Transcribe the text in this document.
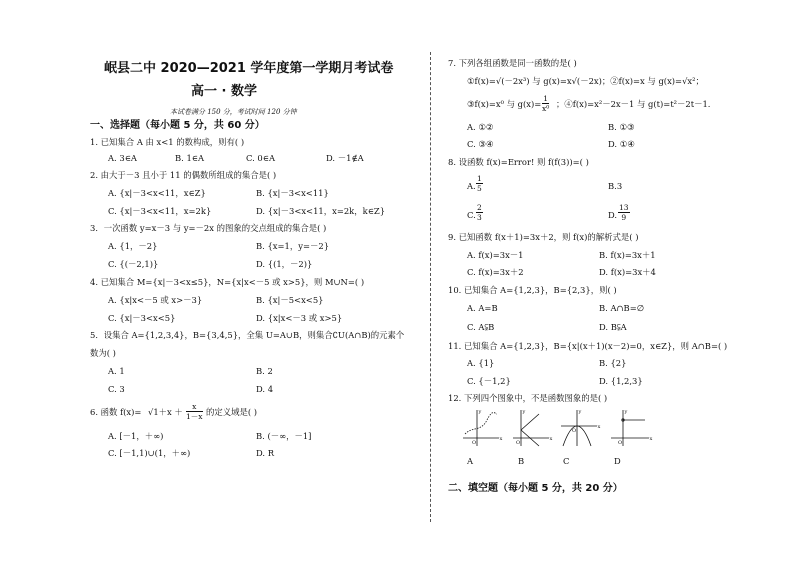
岷县二中 2020—2021 学年度第一学期月考试卷
高一 · 数学
本试卷满分 150 分，考试时间 120 分钟
一、选择题（每小题 5 分，共 60 分）
1. 已知集合 A 由 x<1 的数构成，则有( )
A. 3∈A	B. 1∈A	C. 0∈A	D. －1∉A
2. 由大于－3 且小于 11 的偶数所组成的集合是( )
A. {x|－3<x<11，x∈Z}	B. {x|－3<x<11}
C. {x|－3<x<11，x=2k}	D. {x|－3<x<11，x=2k，k∈Z}
3．一次函数 y=x－3 与 y=－2x 的图象的交点组成的集合是( )
A. {1，－2}	B. {x=1，y=－2}
C. {(－2,1)}	D. {(1，－2)}
4. 已知集合 M={x|－3<x≤5}，N={x|x<－5 或 x>5}，则 M∪N=( )
A. {x|x<－5 或 x>－3}	B. {x|－5<x<5}
C. {x|－3<x<5}	D. {x|x<－3 或 x>5}
5．设集合 A={1,2,3,4}，B={3,4,5}，全集 U=A∪B，则集合∁U(A∩B)的元素个
数为( )
A. 1	B. 2
C. 3	D. 4
6. 函数 $f(x)= √1+x + \frac{x}{1-x}$ 的定义域是( )
A. [－1，＋∞)	B. (－∞，－1]
C. [－1,1)∪(1，＋∞)	D. R
7. 下列各组函数是同一函数的是( )
①f(x)=√(－2x³) 与 g(x)=x√(－2x)；②f(x)=x 与 g(x)=√x²；
③f(x)=x⁰ 与 $g(x)= \frac{1}{\text{x⁰}}$ ；④f(x)=x²－2x－1 与 g(t)=t²－2t－1.
A. ①②	B. ①③
C. ③④	D. ①④
8. 设函数 f(x)=Error! 则 f(f(3))=( )
A. $\frac{1}{5}$	B.3
C. $\frac{2}{3}$	D. $\frac{13}{9}$
9. 已知函数 f(x＋1)=3x＋2，则 f(x)的解析式是( )
A. f(x)=3x－1	B. f(x)=3x＋1
C. f(x)=3x＋2	D. f(x)=3x＋4
10. 已知集合 A={1,2,3}，B={2,3}，则( )
A. A=B	B. A∩B=∅
C. A⫋B	D. B⫋A
11. 已知集合 A={1,2,3}，B={x|(x＋1)(x－2)=0，x∈Z}，则 A∩B=( )
A. {1}	B. {2}
C. {－1,2}	D. {1,2,3}
12. 下列四个图象中，不是函数图象的是( )
y
x
O
y
x
O
y
x
O
y
x
O
A	B	C	D
二、填空题（每小题 5 分，共 20 分）
